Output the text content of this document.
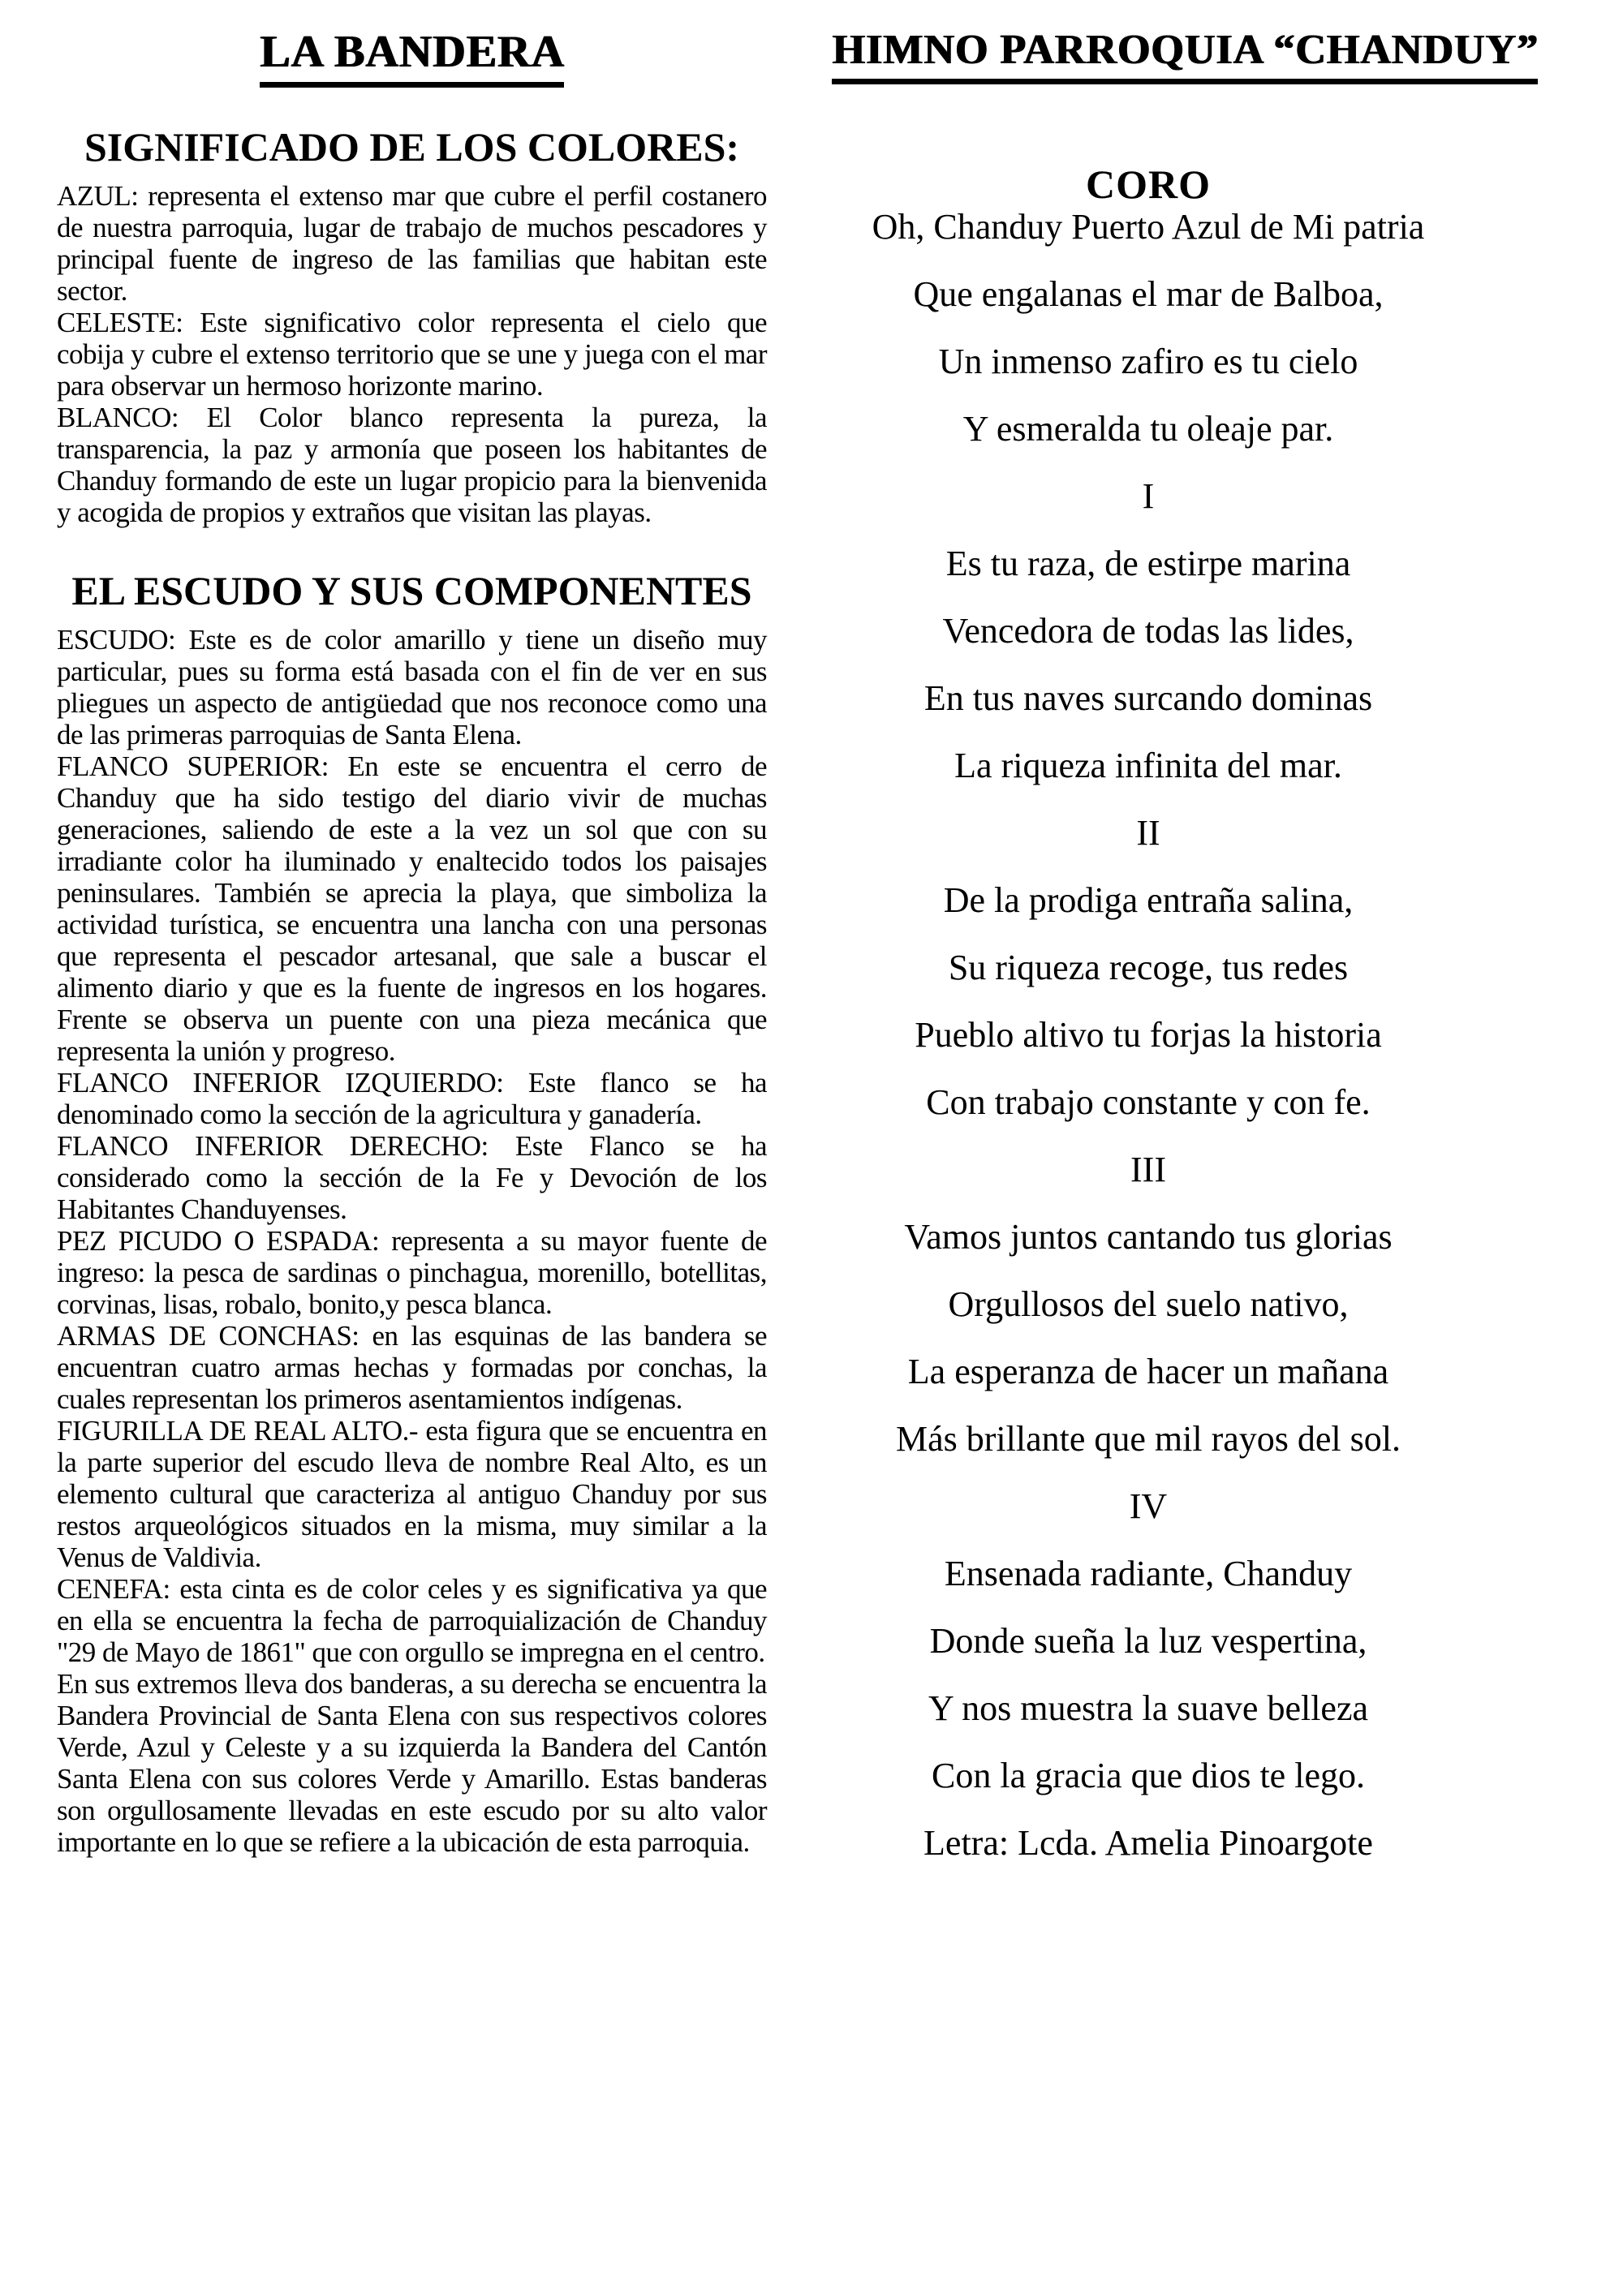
LA BANDERA
SIGNIFICADO DE LOS COLORES:

AZUL: representa el extenso mar que cubre el perfil costanero de nuestra parroquia, lugar de trabajo de muchos pescadores y principal fuente de ingreso de las familias que habitan este sector.

CELESTE: Este significativo color representa el cielo que cobija y cubre el extenso territorio que se une y juega con el mar para observar un hermoso horizonte marino.

BLANCO: El Color blanco representa la pureza, la transparencia, la paz y armonía que poseen los habitantes de Chanduy formando de este un lugar propicio para la bienvenida y acogida de propios y extraños que visitan las playas.

EL ESCUDO Y SUS COMPONENTES

ESCUDO: Este es de color amarillo y tiene un diseño muy particular, pues su forma está basada con el fin de ver en sus pliegues un aspecto de antigüedad que nos reconoce como una de las primeras parroquias de Santa Elena.

FLANCO SUPERIOR: En este se encuentra el cerro de Chanduy que ha sido testigo del diario vivir de muchas generaciones, saliendo de este a la vez un sol que con su irradiante color ha iluminado y enaltecido todos los paisajes peninsulares. También se aprecia la playa, que simboliza la actividad turística, se encuentra una lancha con una personas que representa el pescador artesanal, que sale a buscar el alimento diario y que es la fuente de ingresos en los hogares. Frente se observa un puente con una pieza mecánica que representa la unión y progreso.

FLANCO INFERIOR IZQUIERDO: Este flanco se ha denominado como la sección de la agricultura y ganadería.

FLANCO INFERIOR DERECHO: Este Flanco se ha considerado como la sección de la Fe y Devoción de los Habitantes Chanduyenses.

PEZ PICUDO O ESPADA: representa a su mayor fuente de ingreso: la pesca de sardinas o pinchagua, morenillo, botellitas, corvinas, lisas, robalo, bonito,y pesca blanca.

ARMAS DE CONCHAS: en las esquinas de las bandera se encuentran cuatro armas hechas y formadas por conchas, la cuales representan los primeros asentamientos indígenas.

FIGURILLA DE REAL ALTO.- esta figura que se encuentra en la parte superior del escudo lleva de nombre Real Alto, es un elemento cultural que caracteriza al antiguo Chanduy por sus restos arqueológicos situados en la misma, muy similar a la Venus de Valdivia.

CENEFA: esta cinta es de color celes y es significativa ya que en ella se encuentra la fecha de parroquialización de Chanduy "29 de Mayo de 1861" que con orgullo se impregna en el centro.

En sus extremos lleva dos banderas, a su derecha se encuentra la Bandera Provincial de Santa Elena con sus respectivos colores Verde, Azul y Celeste y a su izquierda la Bandera del Cantón Santa Elena con sus colores Verde y Amarillo. Estas banderas son orgullosamente llevadas en este escudo por su alto valor importante en lo que se refiere a la ubicación de esta parroquia.

HIMNO PARROQUIA “CHANDUY”
CORO
Oh, Chanduy Puerto Azul de Mi patria
Que engalanas el mar de Balboa,
Un inmenso zafiro es tu cielo
Y esmeralda tu oleaje par.
I
Es tu raza, de estirpe marina
Vencedora de todas las lides,
En tus naves surcando dominas
La riqueza infinita del mar.
II
De la prodiga entraña salina,
Su riqueza recoge, tus redes
Pueblo altivo tu forjas la historia
Con trabajo constante y con fe.
III
Vamos juntos cantando tus glorias
Orgullosos del suelo nativo,
La esperanza de hacer un mañana
Más brillante que mil rayos del sol.
IV
Ensenada radiante, Chanduy
Donde sueña la luz vespertina,
Y nos muestra la suave belleza
Con la gracia que dios te lego.
Letra: Lcda. Amelia Pinoargote
